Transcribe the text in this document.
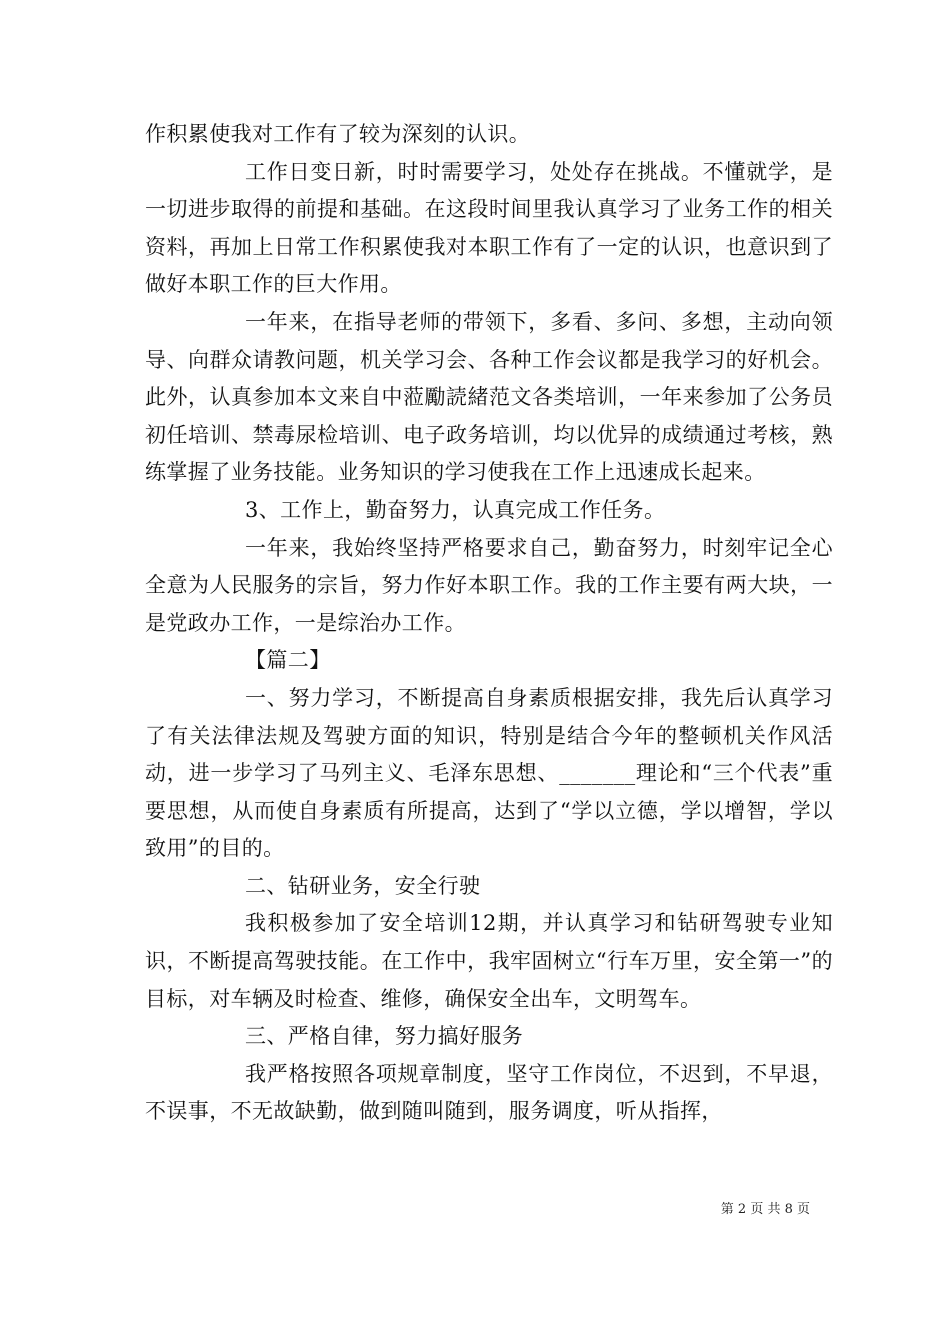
作积累使我对工作有了较为深刻的认识。

工作日变日新，时时需要学习，处处存在挑战。不懂就学，是一切进步取得的前提和基础。在这段时间里我认真学习了业务工作的相关资料，再加上日常工作积累使我对本职工作有了一定的认识，也意识到了做好本职工作的巨大作用。

一年来，在指导老师的带领下，多看、多问、多想，主动向领导、向群众请教问题，机关学习会、各种工作会议都是我学习的好机会。此外，认真参加本文来自中蒞勵読緒范文各类培训，一年来参加了公务员初任培训、禁毒尿检培训、电子政务培训，均以优异的成绩通过考核，熟练掌握了业务技能。业务知识的学习使我在工作上迅速成长起来。

3、工作上，勤奋努力，认真完成工作任务。

一年来，我始终坚持严格要求自己，勤奋努力，时刻牢记全心全意为人民服务的宗旨，努力作好本职工作。我的工作主要有两大块，一是党政办工作，一是综治办工作。

【篇二】

一、努力学习，不断提高自身素质根据安排，我先后认真学习了有关法律法规及驾驶方面的知识，特别是结合今年的整顿机关作风活动，进一步学习了马列主义、毛泽东思想、_______理论和“三个代表”重要思想，从而使自身素质有所提高，达到了“学以立德，学以增智，学以致用”的目的。

二、钻研业务，安全行驶

我积极参加了安全培训12期，并认真学习和钻研驾驶专业知识，不断提高驾驶技能。在工作中，我牢固树立“行车万里，安全第一”的目标，对车辆及时检查、维修，确保安全出车，文明驾车。

三、严格自律，努力搞好服务

我严格按照各项规章制度，坚守工作岗位，不迟到，不早退，不误事，不无故缺勤，做到随叫随到，服务调度，听从指挥，

第 2 页 共 8 页
